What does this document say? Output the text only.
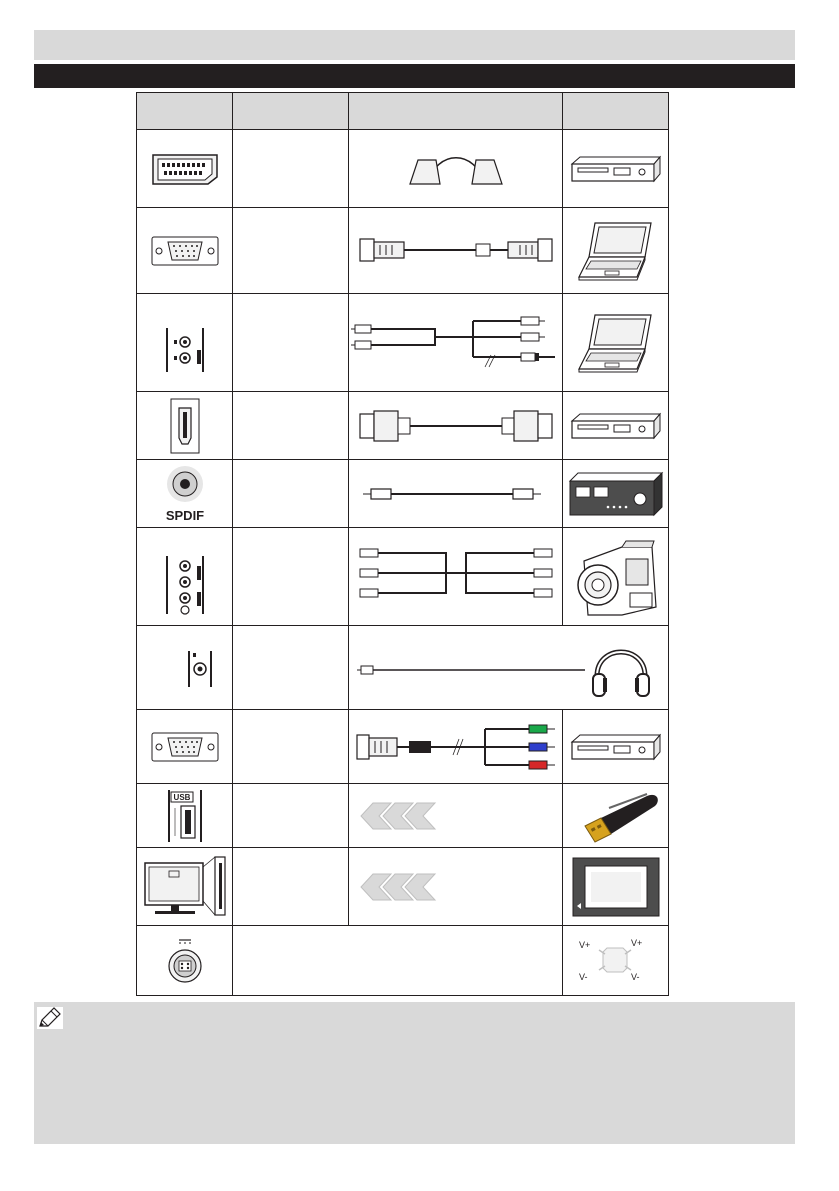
SPDIF

USB

V+ V+
V- V-
